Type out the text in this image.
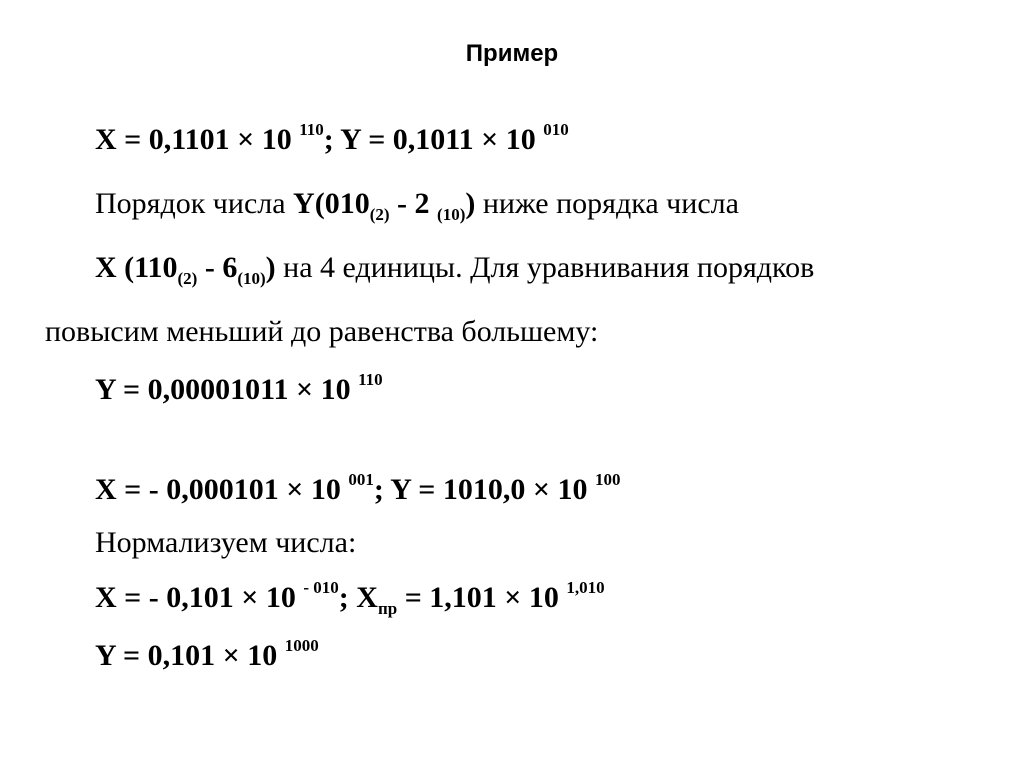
Пример

X = 0,1101 × 10 $^{110}$; Y = 0,1011 × 10 $^{010}$

Порядок числа $Y(010_{(2)} - 2$ $_{(10)}$) ниже порядка числа

X $(110_{(2)} - 6_{(10)})$ на 4 единицы. Для уравнивания порядков

повысим меньший до равенства большему:

Y = 0,00001011 × 10 $^{110}$

X = - 0,000101 × 10 $^{001}$; Y = 1010,0 × 10 $^{100}$

Нормализуем числа:

X = - 0,101 × 10 $^{- 010}$; $X_{пр} = 1,101 \times 10$ $^{1,010}$

Y = 0,101 × 10 $^{1000}$
